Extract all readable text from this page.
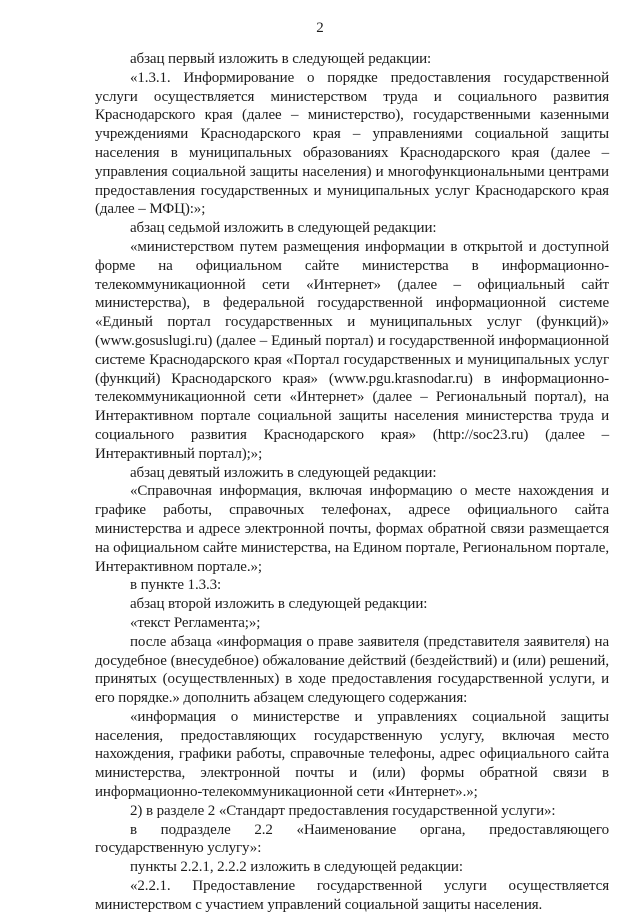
2

абзац первый изложить в следующей редакции:

«1.3.1. Информирование о порядке предоставления государственной услуги осуществляется министерством труда и социального развития Краснодарского края (далее – министерство), государственными казенными учреждениями Краснодарского края – управлениями социальной защиты населения в муниципальных образованиях Краснодарского края (далее – управления социальной защиты населения) и многофункциональными центрами предоставления государственных и муниципальных услуг Краснодарского края (далее – МФЦ):»;

абзац седьмой изложить в следующей редакции:

«министерством путем размещения информации в открытой и доступной форме на официальном сайте министерства в информационно-телекоммуникационной сети «Интернет» (далее – официальный сайт министерства), в федеральной государственной информационной системе «Единый портал государственных и муниципальных услуг (функций)» (www.gosuslugi.ru) (далее – Единый портал) и государственной информационной системе Краснодарского края «Портал государственных и муниципальных услуг (функций) Краснодарского края» (www.pgu.krasnodar.ru) в информационно-телекоммуникационной сети «Интернет» (далее – Региональный портал), на Интерактивном портале социальной защиты населения министерства труда и социального развития Краснодарского края» (http://soc23.ru) (далее – Интерактивный портал);»;

абзац девятый изложить в следующей редакции:

«Справочная информация, включая информацию о месте нахождения и графике работы, справочных телефонах, адресе официального сайта министерства и адресе электронной почты, формах обратной связи размещается на официальном сайте министерства, на Едином портале, Региональном портале, Интерактивном портале.»;

в пункте 1.3.3:

абзац второй изложить в следующей редакции:

«текст Регламента;»;

после абзаца «информация о праве заявителя (представителя заявителя) на досудебное (внесудебное) обжалование действий (бездействий) и (или) решений, принятых (осуществленных) в ходе предоставления государственной услуги, и его порядке.» дополнить абзацем следующего содержания:

«информация о министерстве и управлениях социальной защиты населения, предоставляющих государственную услугу, включая место нахождения, графики работы, справочные телефоны, адрес официального сайта министерства, электронной почты и (или) формы обратной связи в информационно-телекоммуникационной сети «Интернет».»;

2) в разделе 2 «Стандарт предоставления государственной услуги»:

в подразделе 2.2 «Наименование органа, предоставляющего государственную услугу»:

пункты 2.2.1, 2.2.2 изложить в следующей редакции:

«2.2.1. Предоставление государственной услуги осуществляется министерством с участием управлений социальной защиты населения.
